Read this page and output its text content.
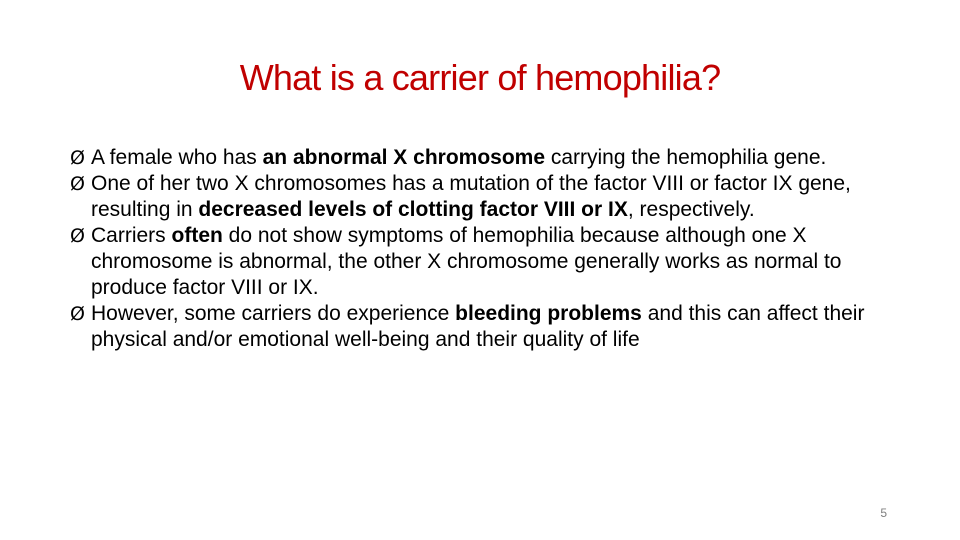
What is a carrier of hemophilia?
Ø A female who has an abnormal X chromosome carrying the hemophilia gene.
Ø One of her two X chromosomes has a mutation of the factor VIII or factor IX gene, resulting in decreased levels of clotting factor VIII or IX, respectively.
Ø Carriers often do not show symptoms of hemophilia because although one X chromosome is abnormal, the other X chromosome generally works as normal to produce factor VIII or IX.
Ø However, some carriers do experience bleeding problems and this can affect their physical and/or emotional well-being and their quality of life
5
